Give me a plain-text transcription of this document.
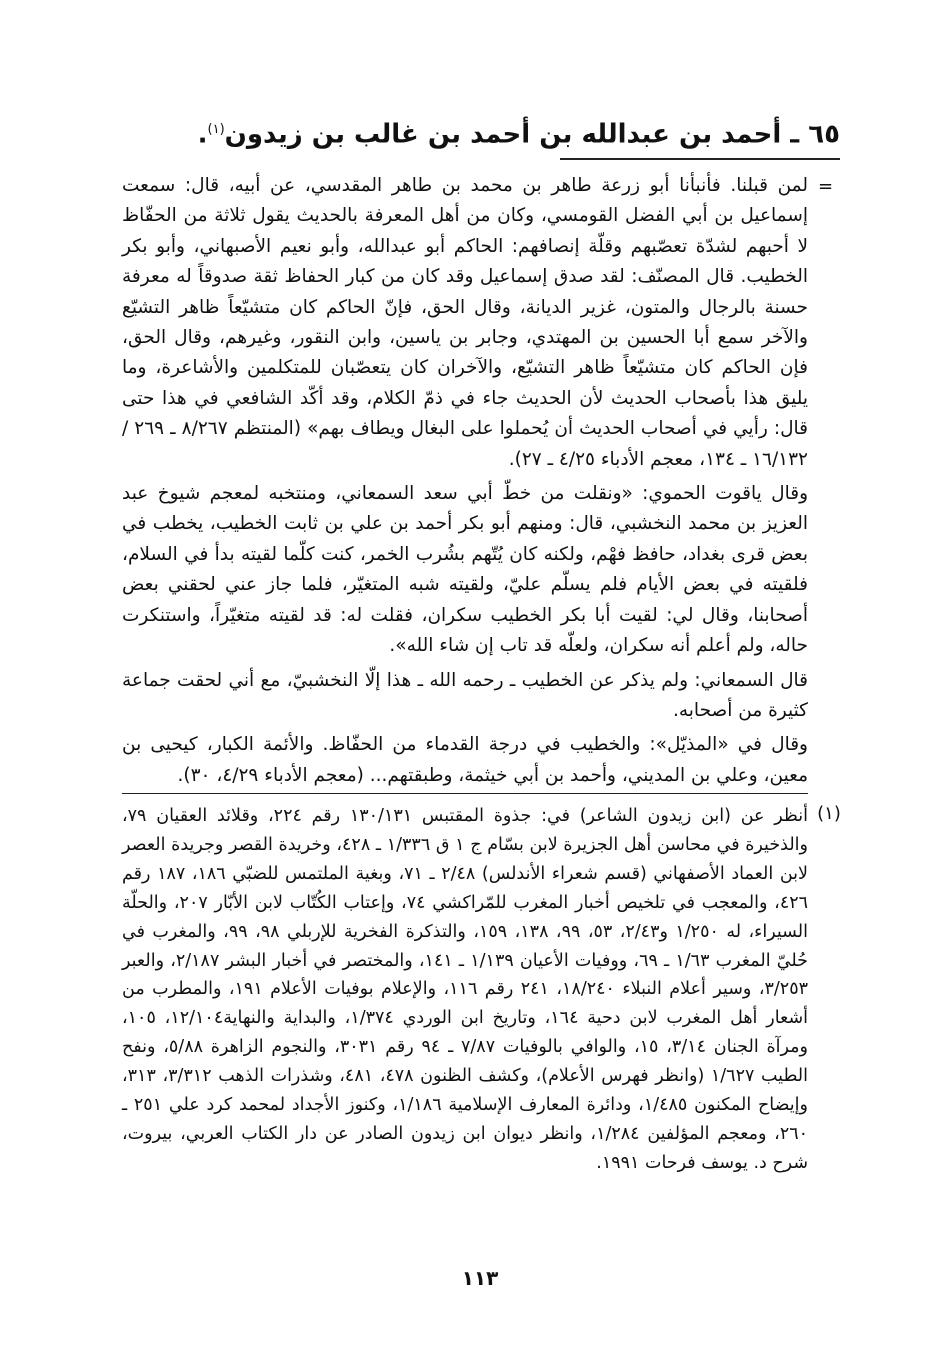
٦٥ ـ أحمد بن عبدالله بن أحمد بن غالب بن زيدون$^{(١)}$.
=

لمن قبلنا. فأنبأنا أبو زرعة طاهر بن محمد بن طاهر المقدسي، عن أبيه، قال: سمعت إسماعيل بن أبي الفضل القومسي، وكان من أهل المعرفة بالحديث يقول ثلاثة من الحفّاظ لا أحبهم لشدّة تعصّبهم وقلّة إنصافهم: الحاكم أبو عبدالله، وأبو نعيم الأصبهاني، وأبو بكر الخطيب. قال المصنّف: لقد صدق إسماعيل وقد كان من كبار الحفاظ ثقة صدوقاً له معرفة حسنة بالرجال والمتون، غزير الديانة، وقال الحق، فإنّ الحاكم كان متشيّعاً ظاهر التشيّع والآخر سمع أبا الحسين بن المهتدي، وجابر بن ياسين، وابن النقور، وغيرهم، وقال الحق، فإن الحاكم كان متشيّعاً ظاهر التشيّع، والآخران كان يتعصّبان للمتكلمين والأشاعرة، وما يليق هذا بأصحاب الحديث لأن الحديث جاء في ذمّ الكلام، وقد أكّد الشافعي في هذا حتى قال: رأيي في أصحاب الحديث أن يُحملوا على البغال ويطاف بهم» (المنتظم ٨/٢٦٧ ـ ٢٦٩ /١٦/١٣٢ ـ ١٣٤، معجم الأدباء ٤/٢٥ ـ ٢٧).

وقال ياقوت الحموي: «ونقلت من خطّ أبي سعد السمعاني، ومنتخبه لمعجم شيوخ عبد العزيز بن محمد النخشبي، قال: ومنهم أبو بكر أحمد بن علي بن ثابت الخطيب، يخطب في بعض قرى بغداد، حافظ فهْم، ولكنه كان يُتّهم بشُرب الخمر، كنت كلّما لقيته بدأ في السلام، فلقيته في بعض الأيام فلم يسلّم عليّ، ولقيته شبه المتغيّر، فلما جاز عني لحقني بعض أصحابنا، وقال لي: لقيت أبا بكر الخطيب سكران، فقلت له: قد لقيته متغيّراً، واستنكرت حاله، ولم أعلم أنه سكران، ولعلّه قد تاب إن شاء الله».

قال السمعاني: ولم يذكر عن الخطيب ـ رحمه الله ـ هذا إلّا النخشبيّ، مع أني لحقت جماعة كثيرة من أصحابه.

وقال في «المذيّل»: والخطيب في درجة القدماء من الحفّاظ. والأئمة الكبار، كيحيى بن معين، وعلي بن المديني، وأحمد بن أبي خيثمة، وطبقتهم... (معجم الأدباء ٤/٢٩، ٣٠).

(١)
أنظر عن (ابن زيدون الشاعر) في: جذوة المقتبس ١٣٠/١٣١ رقم ٢٢٤، وقلائد العقيان ٧٩، والذخيرة في محاسن أهل الجزيرة لابن بسّام ج ١ ق ١/٣٣٦ ـ ٤٢٨، وخريدة القصر وجريدة العصر لابن العماد الأصفهاني (قسم شعراء الأندلس) ٢/٤٨ ـ ٧١، وبغية الملتمس للضبّي ١٨٦، ١٨٧ رقم ٤٢٦، والمعجب في تلخيص أخبار المغرب للمّراكشي ٧٤، وإعتاب الكُتّاب لابن الأبّار ٢٠٧، والحلّة السيراء، له ١/٢٥٠ و٢/٤٣، ٥٣، ٩٩، ١٣٨، ١٥٩، والتذكرة الفخرية للإربلي ٩٨، ٩٩، والمغرب في حُليّ المغرب ١/٦٣ ـ ٦٩، ووفيات الأعيان ١/١٣٩ ـ ١٤١، والمختصر في أخبار البشر ٢/١٨٧، والعبر ٣/٢٥٣، وسير أعلام النبلاء ١٨/٢٤٠، ٢٤١ رقم ١١٦، والإعلام بوفيات الأعلام ١٩١، والمطرب من أشعار أهل المغرب لابن دحية ١٦٤، وتاريخ ابن الوردي ١/٣٧٤، والبداية والنهاية١٢/١٠٤، ١٠٥، ومرآة الجنان ٣/١٤، ١٥، والوافي بالوفيات ٧/٨٧ ـ ٩٤ رقم ٣٠٣١، والنجوم الزاهرة ٥/٨٨، ونفح الطيب ١/٦٢٧ (وانظر فهرس الأعلام)، وكشف الظنون ٤٧٨، ٤٨١، وشذرات الذهب ٣/٣١٢، ٣١٣، وإيضاح المكنون ١/٤٨٥، ودائرة المعارف الإسلامية ١/١٨٦، وكنوز الأجداد لمحمد كرد علي ٢٥١ ـ ٢٦٠، ومعجم المؤلفين ١/٢٨٤، وانظر ديوان ابن زيدون الصادر عن دار الكتاب العربي، بيروت، شرح د. يوسف فرحات ١٩٩١.
١١٣
